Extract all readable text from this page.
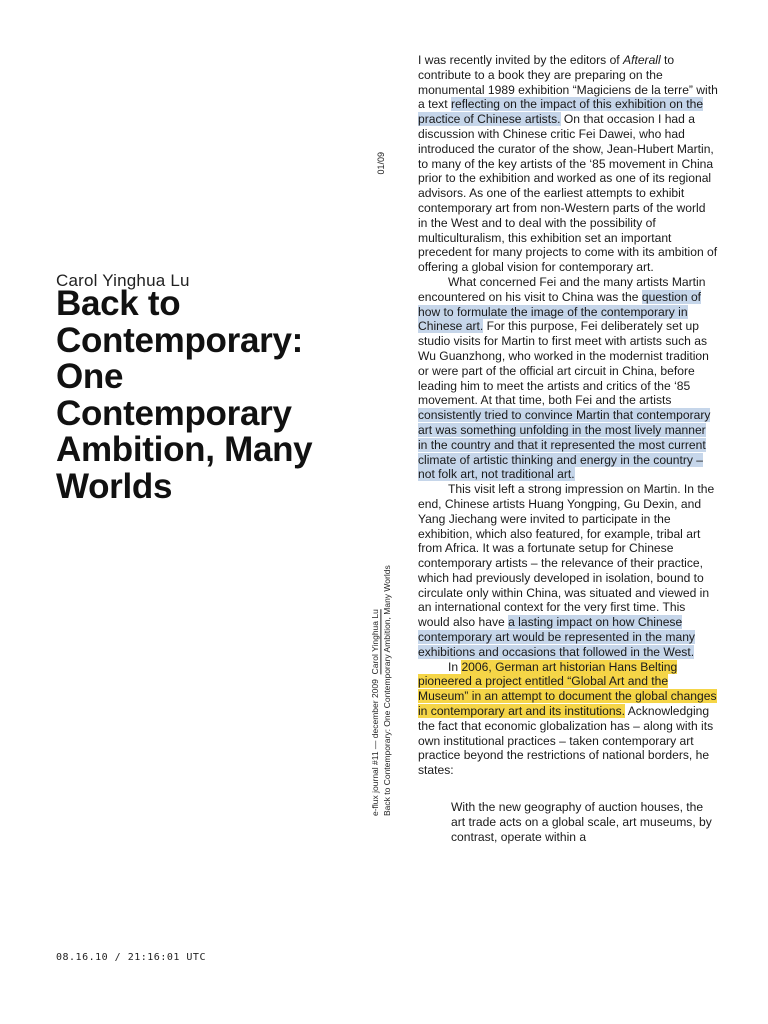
Carol Yinghua Lu
Back to
Contemporary:
One
Contemporary
Ambition, Many
Worlds
01/09
e-flux journal #11 — december 2009  Carol Yinghua Lu Back to Contemporary: One Contemporary Ambition, Many Worlds

I was recently invited by the editors of Afterall to contribute to a book they are preparing on the monumental 1989 exhibition “Magiciens de la terre” with a text reflecting on the impact of this exhibition on the practice of Chinese artists. On that occasion I had a discussion with Chinese critic Fei Dawei, who had introduced the curator of the show, Jean-Hubert Martin, to many of the key artists of the ‘85 movement in China prior to the exhibition and worked as one of its regional advisors. As one of the earliest attempts to exhibit contemporary art from non-Western parts of the world in the West and to deal with the possibility of multiculturalism, this exhibition set an important precedent for many projects to come with its ambition of offering a global vision for contemporary art.

What concerned Fei and the many artists Martin encountered on his visit to China was the question of how to formulate the image of the contemporary in Chinese art. For this purpose, Fei deliberately set up studio visits for Martin to first meet with artists such as Wu Guanzhong, who worked in the modernist tradition or were part of the official art circuit in China, before leading him to meet the artists and critics of the ‘85 movement. At that time, both Fei and the artists consistently tried to convince Martin that contemporary art was something unfolding in the most lively manner in the country and that it represented the most current climate of artistic thinking and energy in the country – not folk art, not traditional art.

This visit left a strong impression on Martin. In the end, Chinese artists Huang Yongping, Gu Dexin, and Yang Jiechang were invited to participate in the exhibition, which also featured, for example, tribal art from Africa. It was a fortunate setup for Chinese contemporary artists – the relevance of their practice, which had previously developed in isolation, bound to circulate only within China, was situated and viewed in an international context for the very first time. This would also have a lasting impact on how Chinese contemporary art would be represented in the many exhibitions and occasions that followed in the West.

In 2006, German art historian Hans Belting pioneered a project entitled “Global Art and the Museum” in an attempt to document the global changes in contemporary art and its institutions. Acknowledging the fact that economic globalization has – along with its own institutional practices – taken contemporary art practice beyond the restrictions of national borders, he states:

With the new geography of auction houses, the art trade acts on a global scale, art museums, by contrast, operate within a

08.16.10 / 21:16:01 UTC
